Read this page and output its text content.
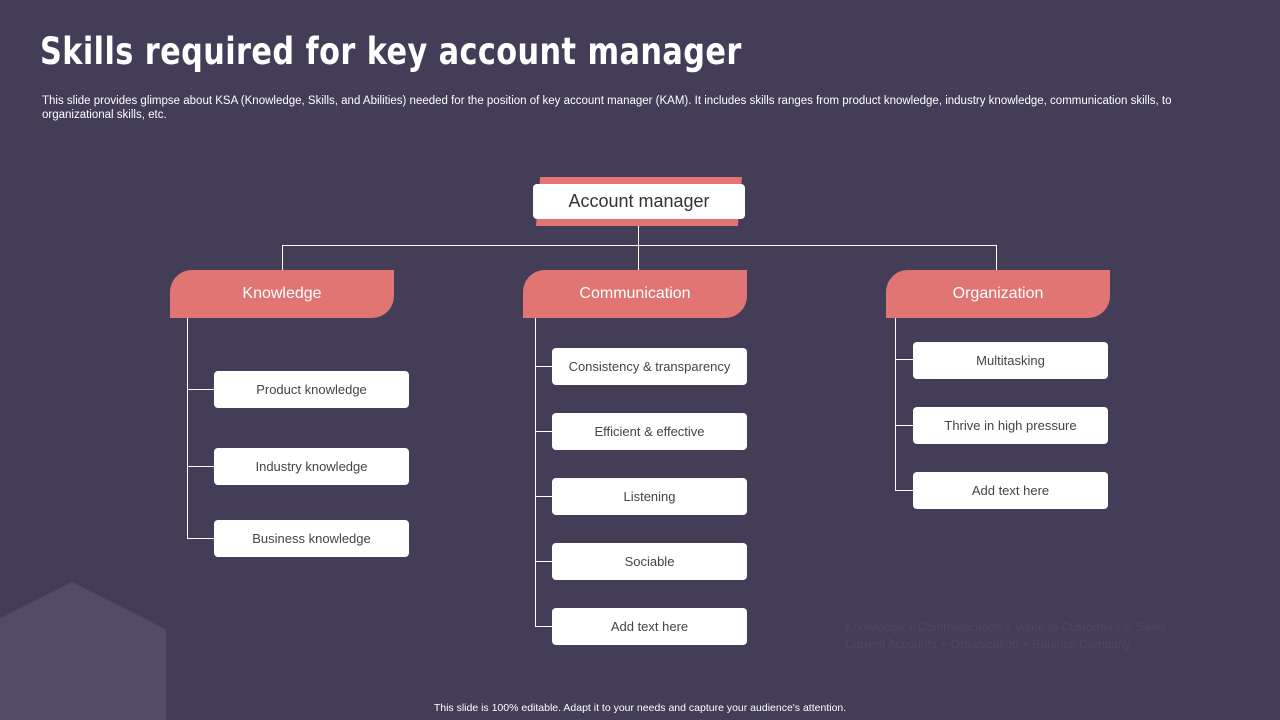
Skills required for key account manager

This slide provides glimpse about KSA (Knowledge, Skills, and Abilities) needed for the position of key account manager (KAM). It includes skills ranges from product knowledge, industry knowledge, communication skills, to organizational skills, etc.

Account manager
Knowledge	Communication	Organization
Product knowledge
Industry knowledge
Business knowledge
Consistency & transparency
Efficient & effective
Listening
Sociable
Add text here
Multitasking
Thrive in high pressure
Add text here
Knowledge + Communication + Value to Customer i.e. Sales
Current Accounts + Organization + Balance Company
This slide is 100% editable. Adapt it to your needs and capture your audience's attention.
